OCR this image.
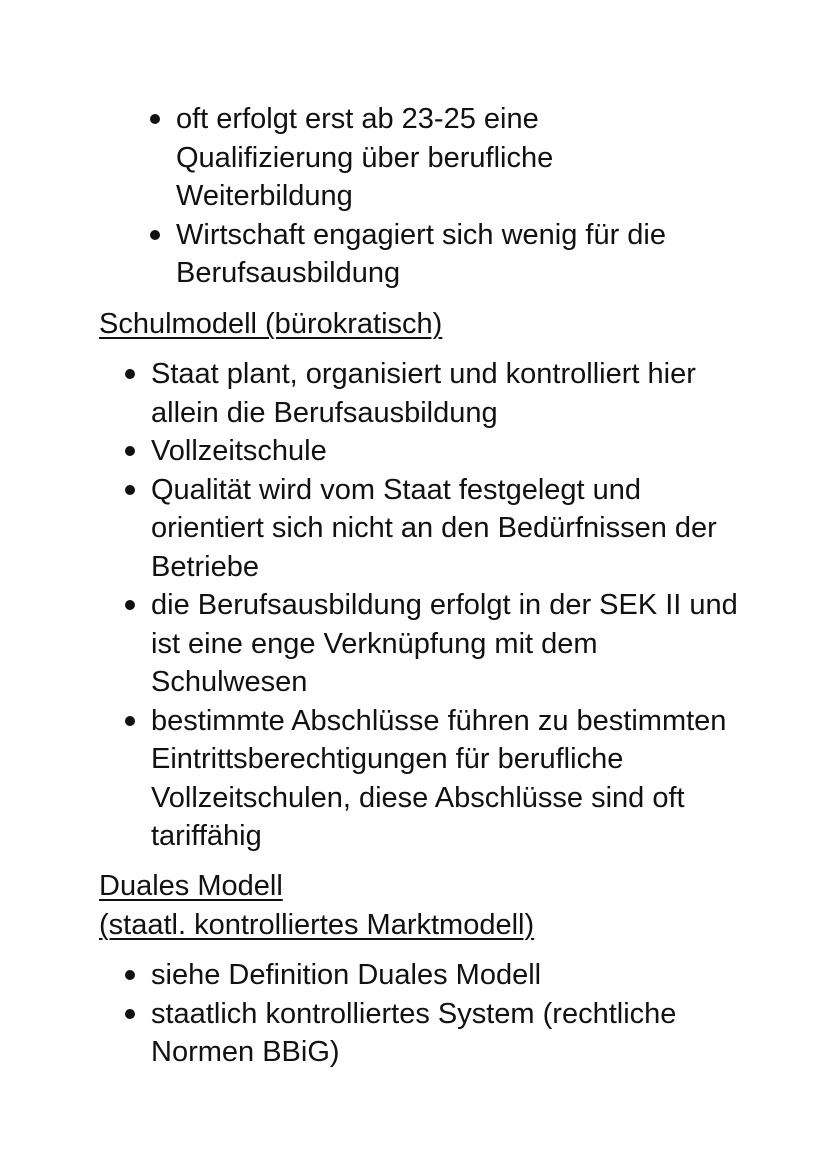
oft erfolgt erst ab 23-25 eine Qualifizierung über berufliche Weiterbildung
Wirtschaft engagiert sich wenig für die Berufsausbildung
Schulmodell (bürokratisch)
Staat plant, organisiert und kontrolliert hier allein die Berufsausbildung
Vollzeitschule
Qualität wird vom Staat festgelegt und orientiert sich nicht an den Bedürfnissen der Betriebe
die Berufsausbildung erfolgt in der SEK II und ist eine enge Verknüpfung mit dem Schulwesen
bestimmte Abschlüsse führen zu bestimmten Eintrittsberechtigungen für berufliche Vollzeitschulen, diese Abschlüsse sind oft tariffähig
Duales Modell
(staatl. kontrolliertes Marktmodell)
siehe Definition Duales Modell
staatlich kontrolliertes System (rechtliche Normen BBiG)
